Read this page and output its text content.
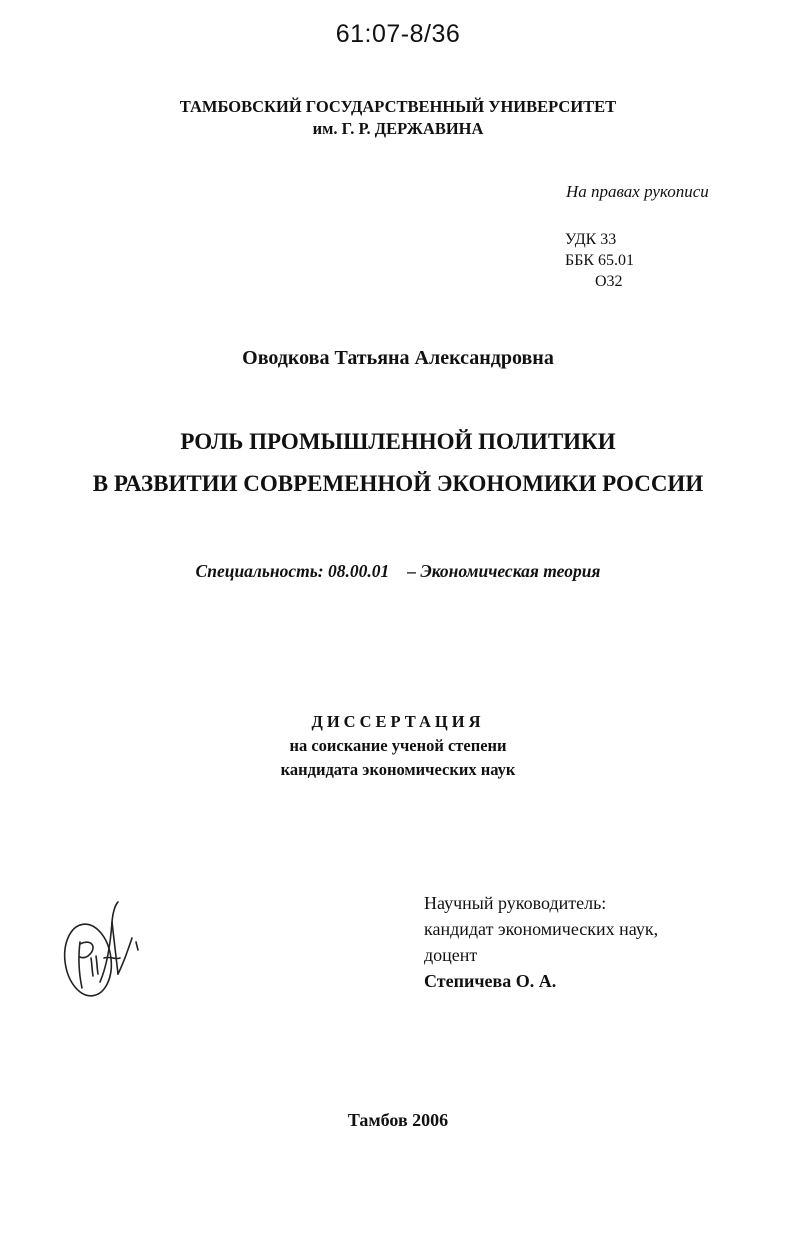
61:07-8/36
ТАМБОВСКИЙ ГОСУДАРСТВЕННЫЙ УНИВЕРСИТЕТ
им. Г. Р. ДЕРЖАВИНА
На правах рукописи
УДК 33
ББК 65.01
О32
Оводкова Татьяна Александровна
РОЛЬ ПРОМЫШЛЕННОЙ ПОЛИТИКИ
В РАЗВИТИИ СОВРЕМЕННОЙ ЭКОНОМИКИ РОССИИ
Специальность: 08.00.01 – Экономическая теория
ДИССЕРТАЦИЯ
на соискание ученой степени
кандидата экономических наук
Научный руководитель:
кандидат экономических наук,
доцент
Степичева О. А.
Тамбов 2006
